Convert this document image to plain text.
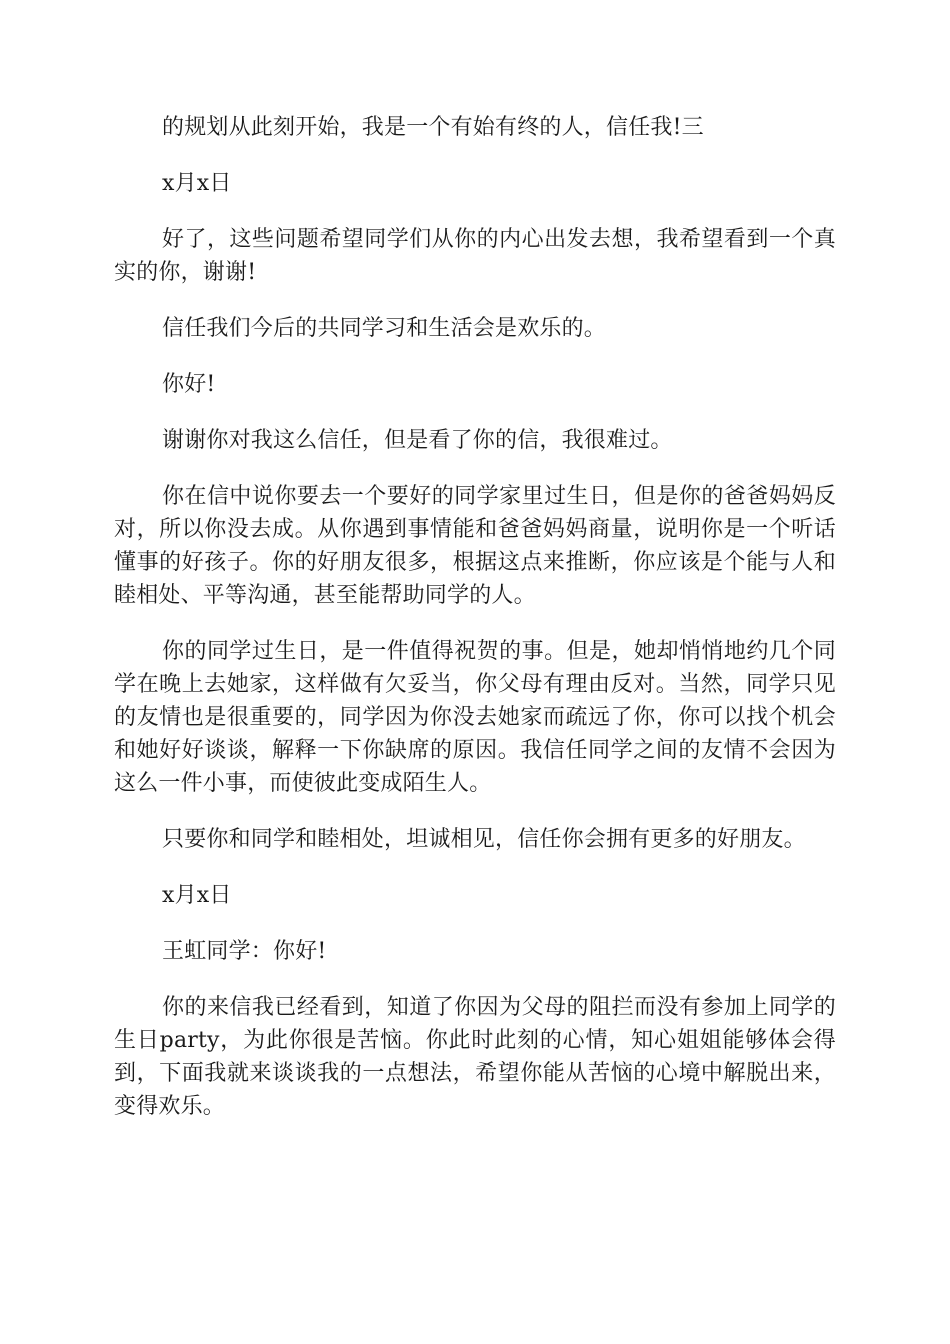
的规划从此刻开始，我是一个有始有终的人，信任我!三

x月x日

好了，这些问题希望同学们从你的内心出发去想，我希望看到一个真实的你，谢谢!

信任我们今后的共同学习和生活会是欢乐的。

你好!

谢谢你对我这么信任，但是看了你的信，我很难过。

你在信中说你要去一个要好的同学家里过生日，但是你的爸爸妈妈反对，所以你没去成。从你遇到事情能和爸爸妈妈商量，说明你是一个听话懂事的好孩子。你的好朋友很多，根据这点来推断，你应该是个能与人和睦相处、平等沟通，甚至能帮助同学的人。

你的同学过生日，是一件值得祝贺的事。但是，她却悄悄地约几个同学在晚上去她家，这样做有欠妥当，你父母有理由反对。当然，同学只见的友情也是很重要的，同学因为你没去她家而疏远了你，你可以找个机会和她好好谈谈，解释一下你缺席的原因。我信任同学之间的友情不会因为这么一件小事，而使彼此变成陌生人。

只要你和同学和睦相处，坦诚相见，信任你会拥有更多的好朋友。

x月x日

王虹同学：你好!

你的来信我已经看到，知道了你因为父母的阻拦而没有参加上同学的生日party，为此你很是苦恼。你此时此刻的心情，知心姐姐能够体会得到，下面我就来谈谈我的一点想法，希望你能从苦恼的心境中解脱出来，变得欢乐。
